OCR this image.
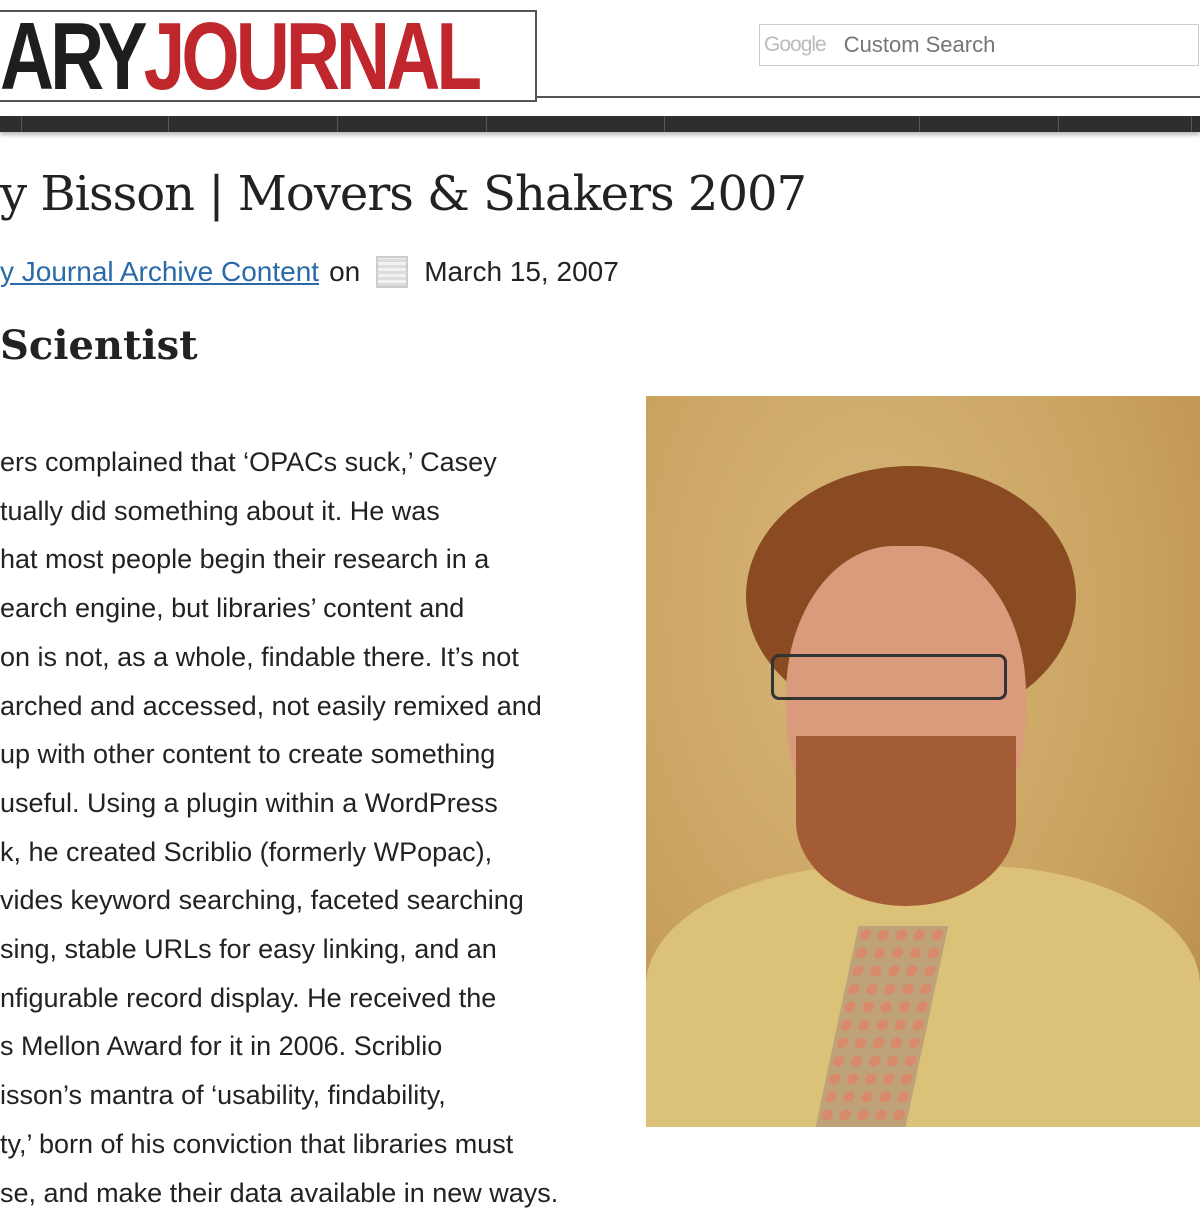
ARYJOURNAL	Google
Custom Search
y Bisson | Movers & Shakers 2007
y Journal Archive Content on March 15, 2007
Scientist
ers complained that ‘OPACs suck,’ Casey
tually did something about it. He was
hat most people begin their research in a
earch engine, but libraries’ content and
on is not, as a whole, findable there. It’s not
arched and accessed, not easily remixed and
up with other content to create something
useful. Using a plugin within a WordPress
k, he created Scriblio (formerly WPopac),
vides keyword searching, faceted searching
sing, stable URLs for easy linking, and an
nfigurable record display. He received the
s Mellon Award for it in 2006. Scriblio
isson’s mantra of ‘usability, findability,
ty,’ born of his conviction that libraries must
se, and make their data available in new ways.
